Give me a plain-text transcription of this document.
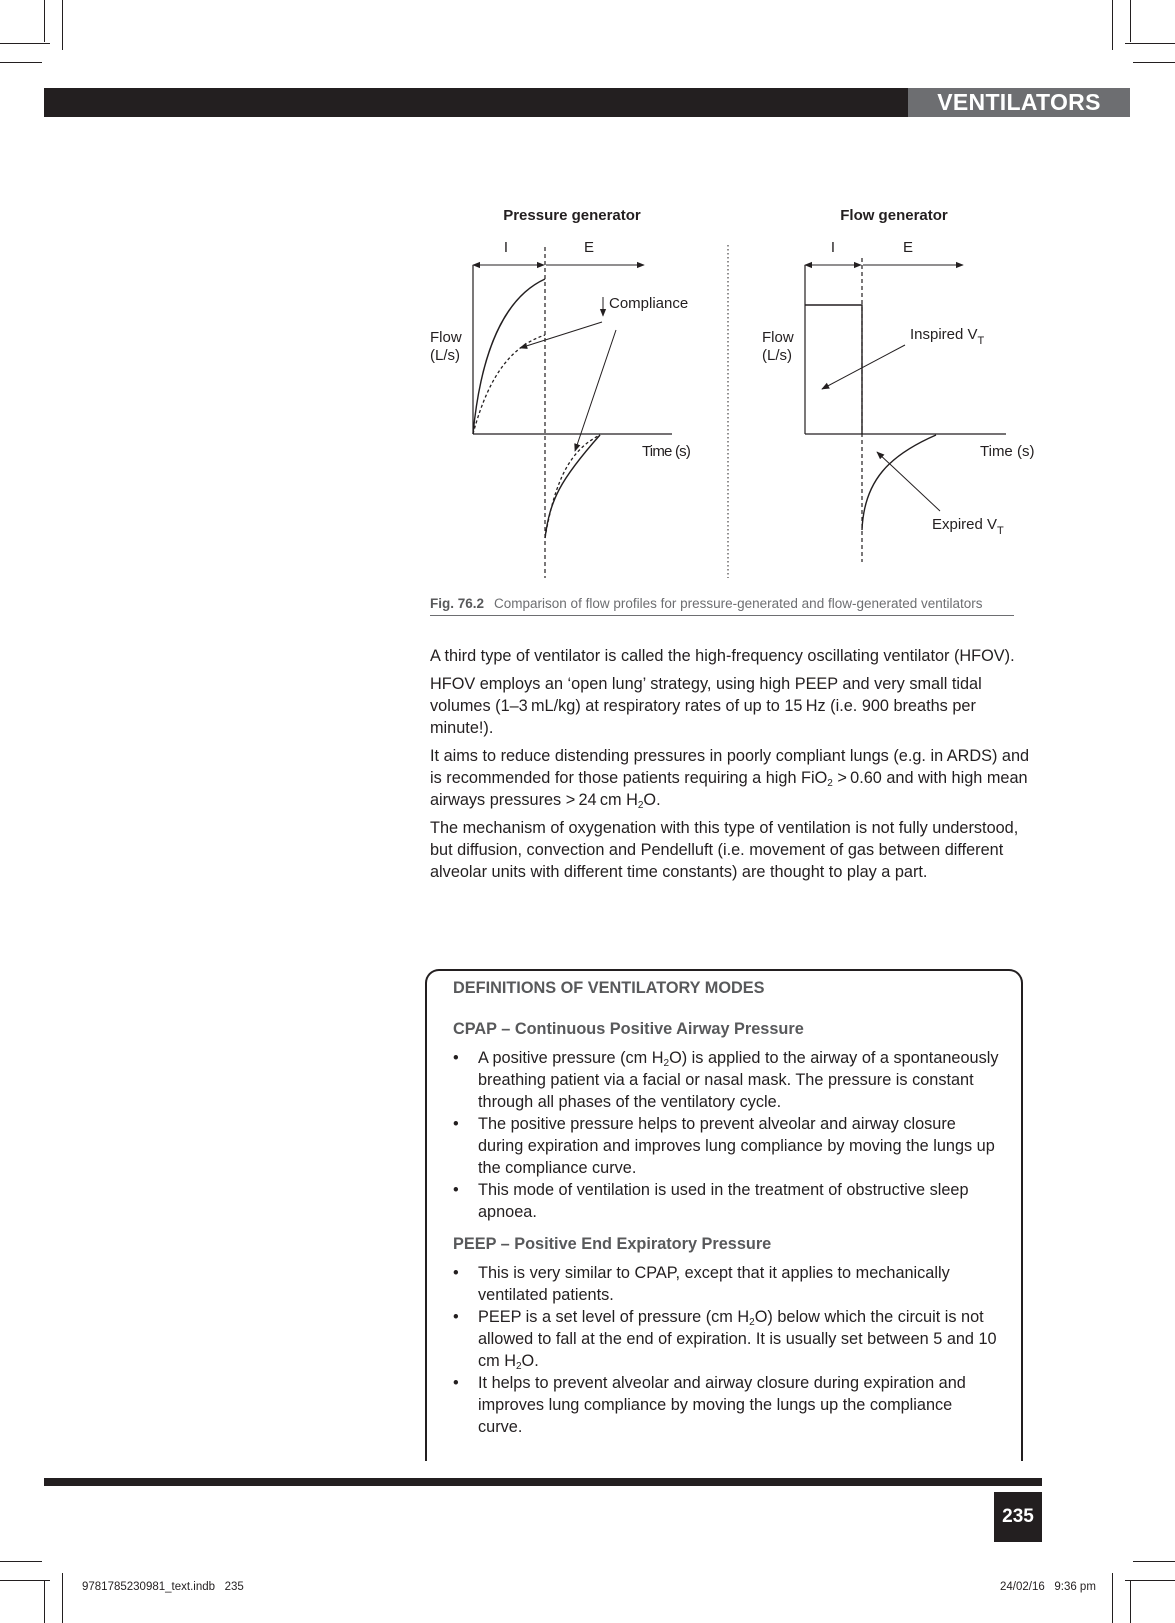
VENTILATORS
Pressure generator
I	E
Flow
(L/s)
Time (s)
Compliance
Flow generator
I	E
Flow
(L/s)
Time (s)
Inspired $V_T$
Expired $V_T$
Fig. 76.2 Comparison of flow profiles for pressure-generated and flow-generated ventilators

A third type of ventilator is called the high-frequency oscillating ventilator (HFOV).

HFOV employs an ‘open lung’ strategy, using high PEEP and very small tidal volumes (1–3 mL/kg) at respiratory rates of up to 15 Hz (i.e. 900 breaths per minute!).

It aims to reduce distending pressures in poorly compliant lungs (e.g. in ARDS) and is recommended for those patients requiring a high FiO$_2$ > 0.60 and with high mean airways pressures > 24 cm $H_2O$.

The mechanism of oxygenation with this type of ventilation is not fully understood, but diffusion, convection and Pendelluft (i.e. movement of gas between different alveolar units with different time constants) are thought to play a part.

DEFINITIONS OF VENTILATORY MODES
CPAP – Continuous Positive Airway Pressure
• A positive pressure (cm $H_2O$) is applied to the airway of a spontaneously breathing patient via a facial or nasal mask. The pressure is constant through all phases of the ventilatory cycle.
• The positive pressure helps to prevent alveolar and airway closure during expiration and improves lung compliance by moving the lungs up the compliance curve.
• This mode of ventilation is used in the treatment of obstructive sleep apnoea.
PEEP – Positive End Expiratory Pressure
• This is very similar to CPAP, except that it applies to mechanically ventilated patients.
• PEEP is a set level of pressure (cm $H_2O$) below which the circuit is not allowed to fall at the end of expiration. It is usually set between 5 and 10 cm $H_2O$.
• It helps to prevent alveolar and airway closure during expiration and improves lung compliance by moving the lungs up the compliance curve.
235
9781785230981_text.indb   235	24/02/16   9:36 pm
